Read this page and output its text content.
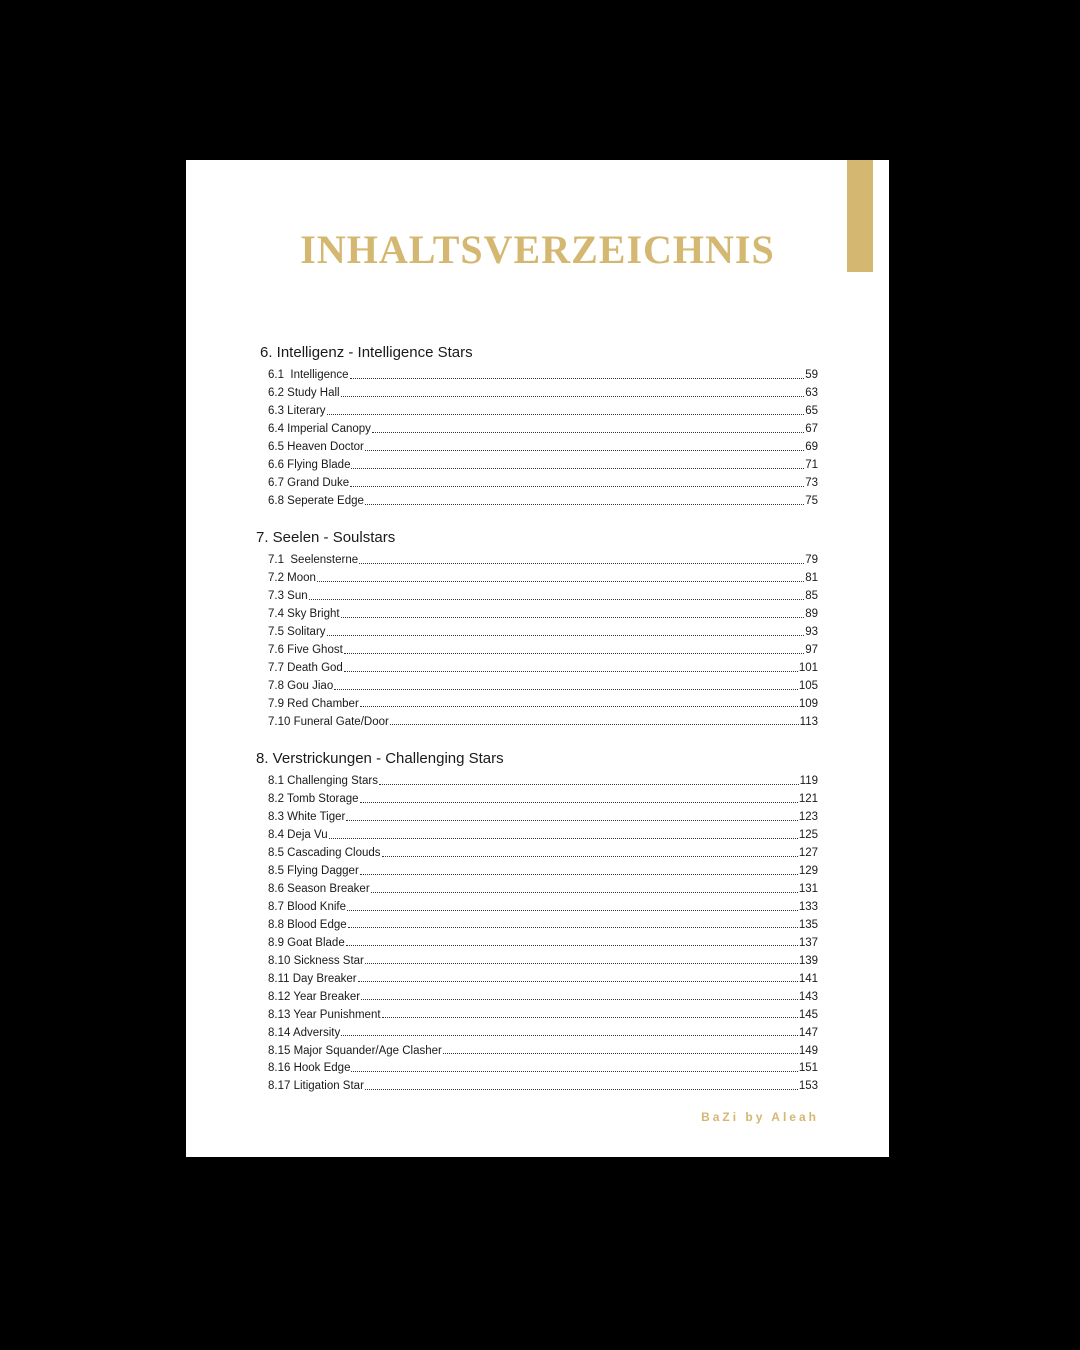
INHALTSVERZEICHNIS
6. Intelligenz - Intelligence Stars
6.1  Intelligence	59
6.2 Study Hall	63
6.3 Literary	65
6.4 Imperial Canopy	67
6.5 Heaven Doctor	69
6.6 Flying Blade	71
6.7 Grand Duke	73
6.8 Seperate Edge	75
7. Seelen - Soulstars
7.1  Seelensterne	79
7.2 Moon	81
7.3 Sun	85
7.4 Sky Bright	89
7.5 Solitary	93
7.6 Five Ghost	97
7.7 Death God	101
7.8 Gou Jiao	105
7.9 Red Chamber	109
7.10 Funeral Gate/Door	113
8. Verstrickungen - Challenging Stars
8.1 Challenging Stars	119
8.2 Tomb Storage	121
8.3 White Tiger	123
8.4 Deja Vu	125
8.5 Cascading Clouds	127
8.5 Flying Dagger	129
8.6 Season Breaker	131
8.7 Blood Knife	133
8.8 Blood Edge	135
8.9 Goat Blade	137
8.10 Sickness Star	139
8.11 Day Breaker	141
8.12 Year Breaker	143
8.13 Year Punishment	145
8.14 Adversity	147
8.15 Major Squander/Age Clasher	149
8.16 Hook Edge	151
8.17 Litigation Star	153
BaZi by Aleah
